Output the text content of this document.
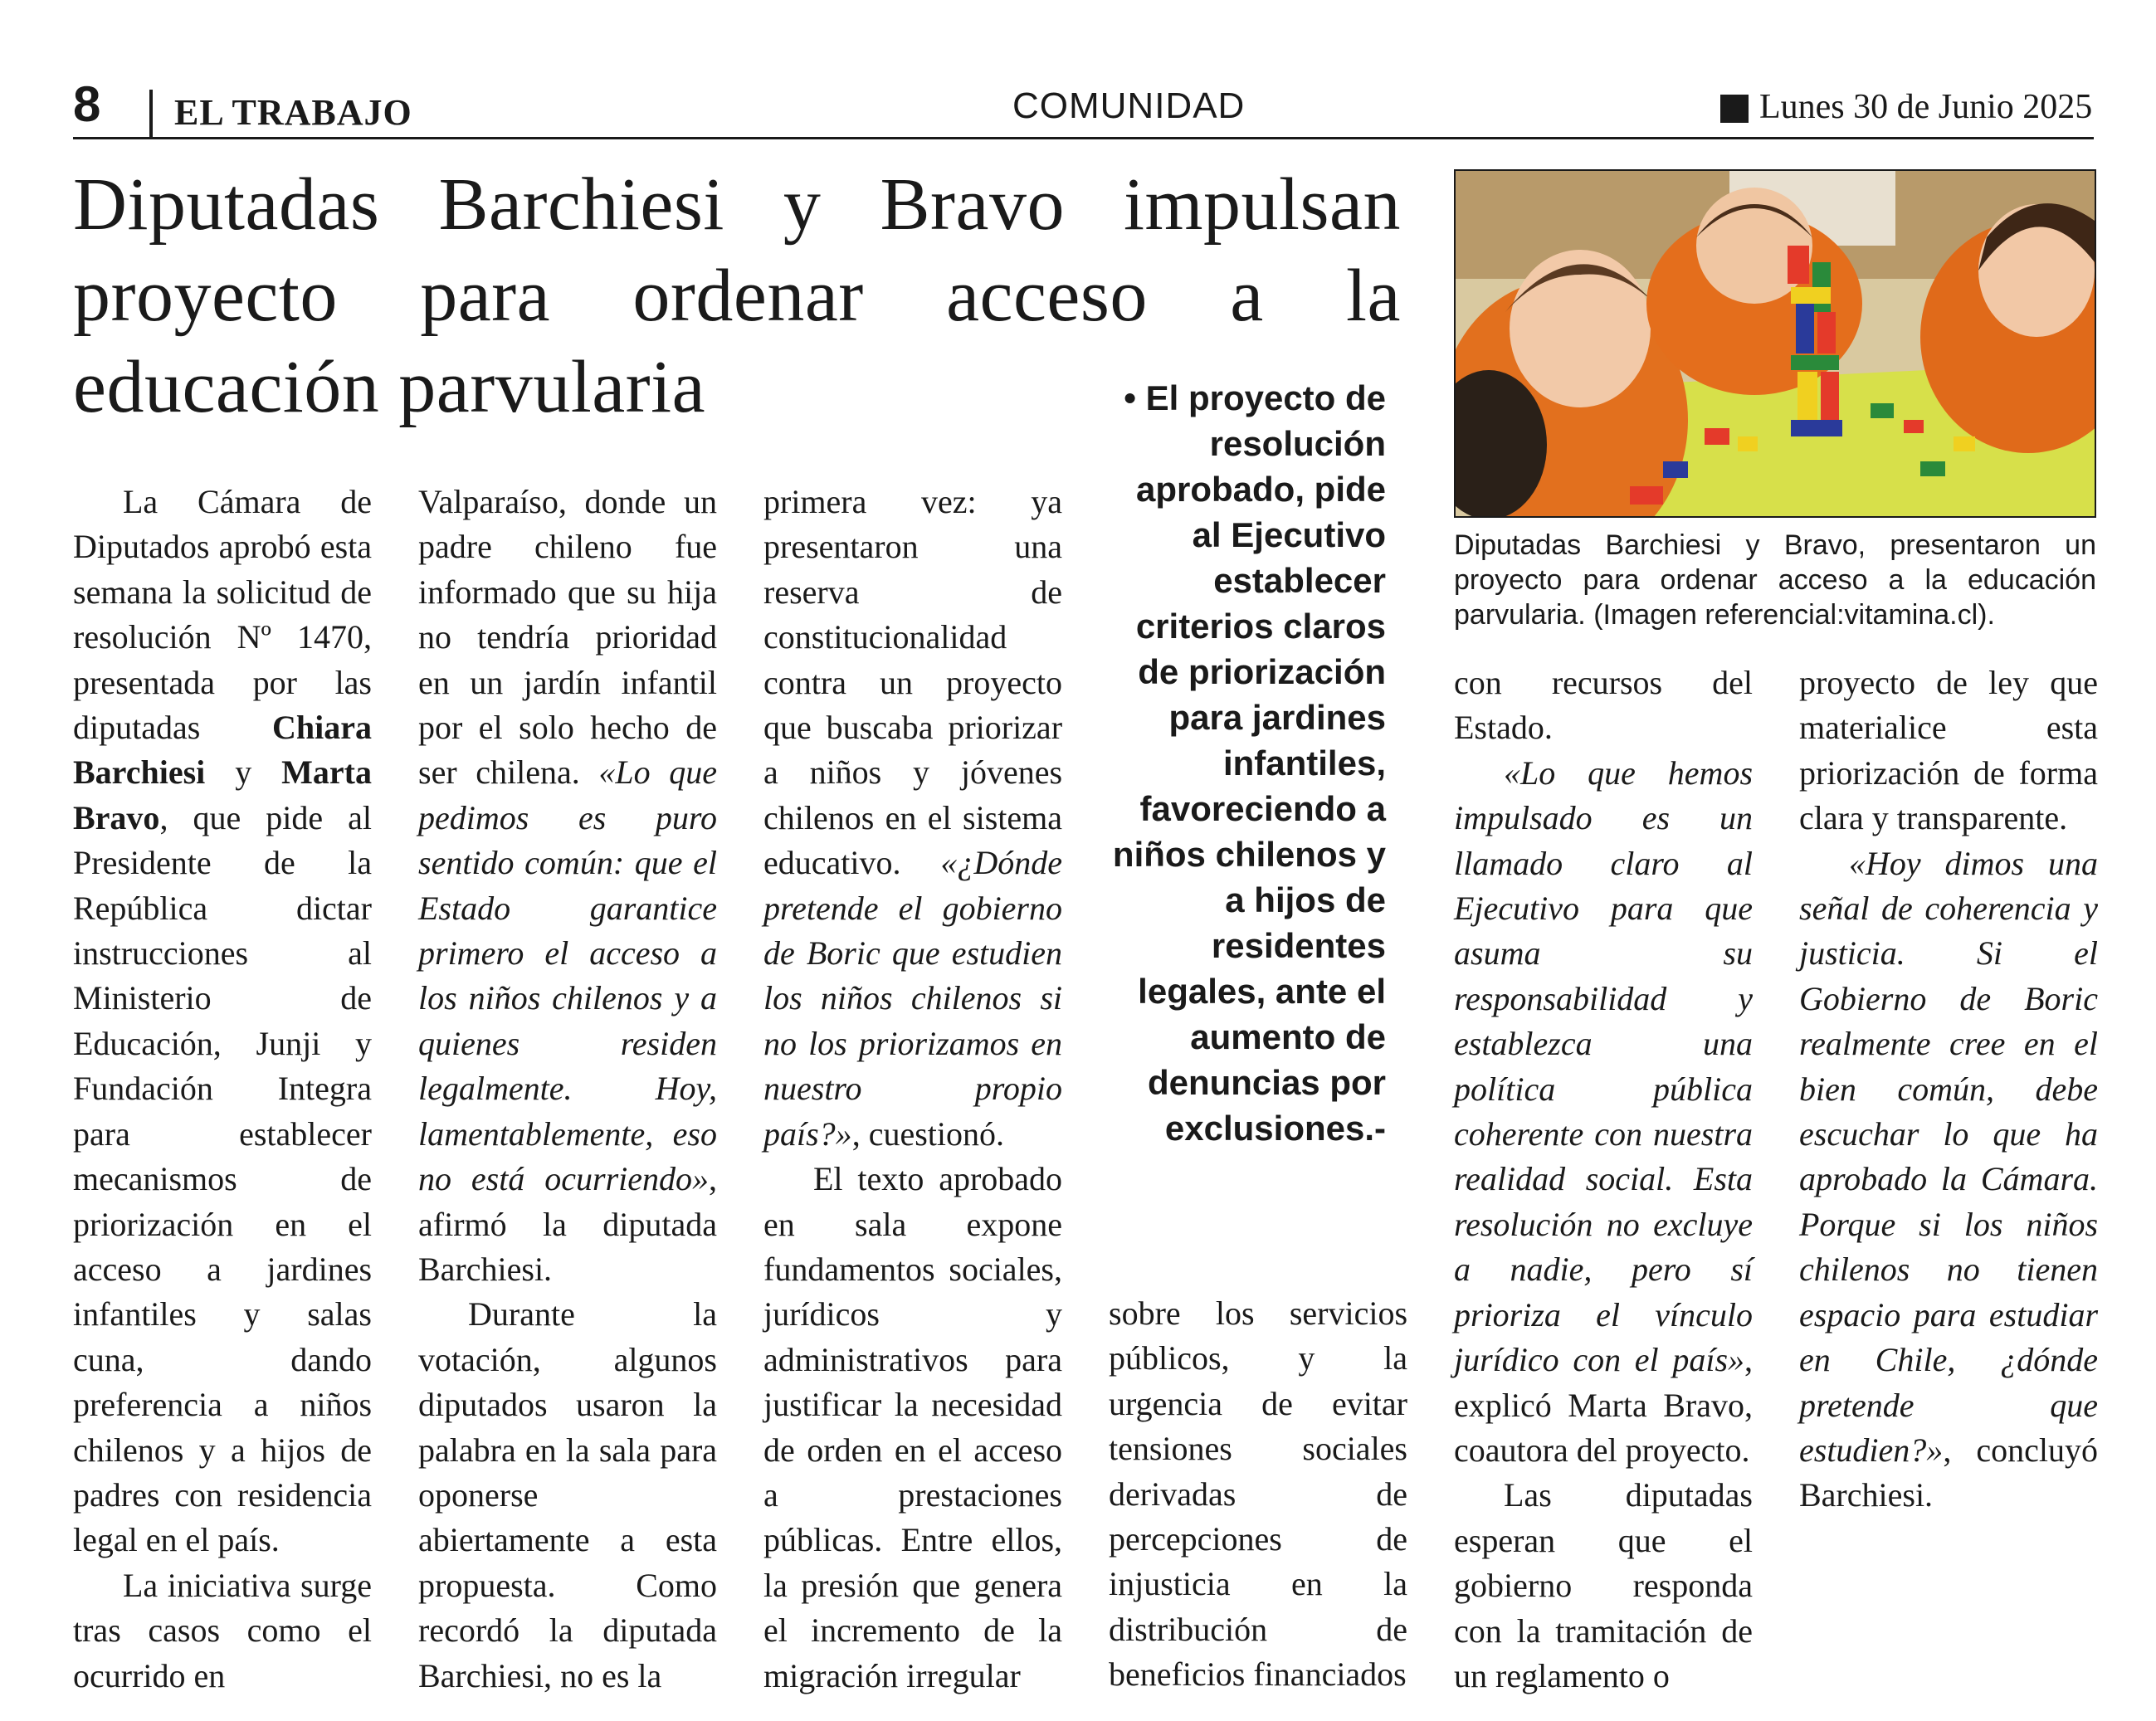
8 EL TRABAJO	COMUNIDAD	Lunes 30 de Junio 2025
Diputadas Barchiesi y Bravo impulsan proyecto para ordenar acceso a la educación parvularia	• El proyecto de resolución aprobado, pide al Ejecutivo establecer criterios claros de priorización para jardines infantiles, favoreciendo a niños chilenos y a hijos de residentes legales, ante el aumento de denuncias por exclusiones.-
Diputadas Barchiesi y Bravo, presentaron un proyecto para ordenar acceso a la educación parvularia. (Imagen referencial:vitamina.cl).

La Cámara de Diputados aprobó esta semana la solicitud de resolución Nº 1470, presentada por las diputadas Chiara Barchiesi y Marta Bravo, que pide al Presidente de la República	dictar instrucciones	al Ministerio	de Educación, Junji y Fundación Integra para	establecer mecanismos	de priorización en el acceso a jardines infantiles y salas cuna,	dando preferencia a niños chilenos y a hijos de padres con residencia legal en el país.

La iniciativa surge tras casos como el ocurrido en

Valparaíso, donde un padre chileno fue informado que su hija no tendría prioridad en un jardín infantil por el solo hecho de ser chilena. «Lo que pedimos es puro sentido común: que el Estado garantice primero el acceso a los niños chilenos y a quienes	residen legalmente.	Hoy, lamentablemente, eso no está ocurriendo», afirmó la diputada Barchiesi.

Durante	la votación, algunos diputados usaron la palabra en la sala para oponerse abiertamente a esta propuesta. Como recordó la diputada Barchiesi, no es la

primera vez: ya presentaron	una reserva	de constitucionalidad contra un proyecto que buscaba priorizar a niños y jóvenes chilenos en el sistema educativo. «¿Dónde pretende el gobierno de Boric que estudien los niños chilenos si no los priorizamos en nuestro	propio país?», cuestionó.

El texto aprobado en sala expone fundamentos sociales, jurídicos	y administrativos para justificar la necesidad de orden en el acceso a	prestaciones públicas. Entre ellos, la presión que genera el incremento de la migración irregular

sobre los servicios públicos, y la urgencia de evitar tensiones sociales derivadas	de percepciones	de injusticia en la distribución	de beneficios financiados

con recursos del Estado.

«Lo que hemos impulsado es un llamado claro al Ejecutivo para que asuma	su responsabilidad y establezca	una política	pública coherente con nuestra realidad social. Esta resolución no excluye a nadie, pero sí prioriza el vínculo jurídico con el país», explicó Marta Bravo, coautora del proyecto.

Las diputadas esperan que el gobierno responda con la tramitación de un reglamento o

proyecto de ley que materialice	esta priorización de forma clara y transparente.

«Hoy dimos una señal de coherencia y justicia. Si el Gobierno de Boric realmente cree en el bien común, debe escuchar lo que ha aprobado la Cámara. Porque si los niños chilenos no tienen espacio para estudiar en Chile, ¿dónde pretende	que estudien?», concluyó Barchiesi.
